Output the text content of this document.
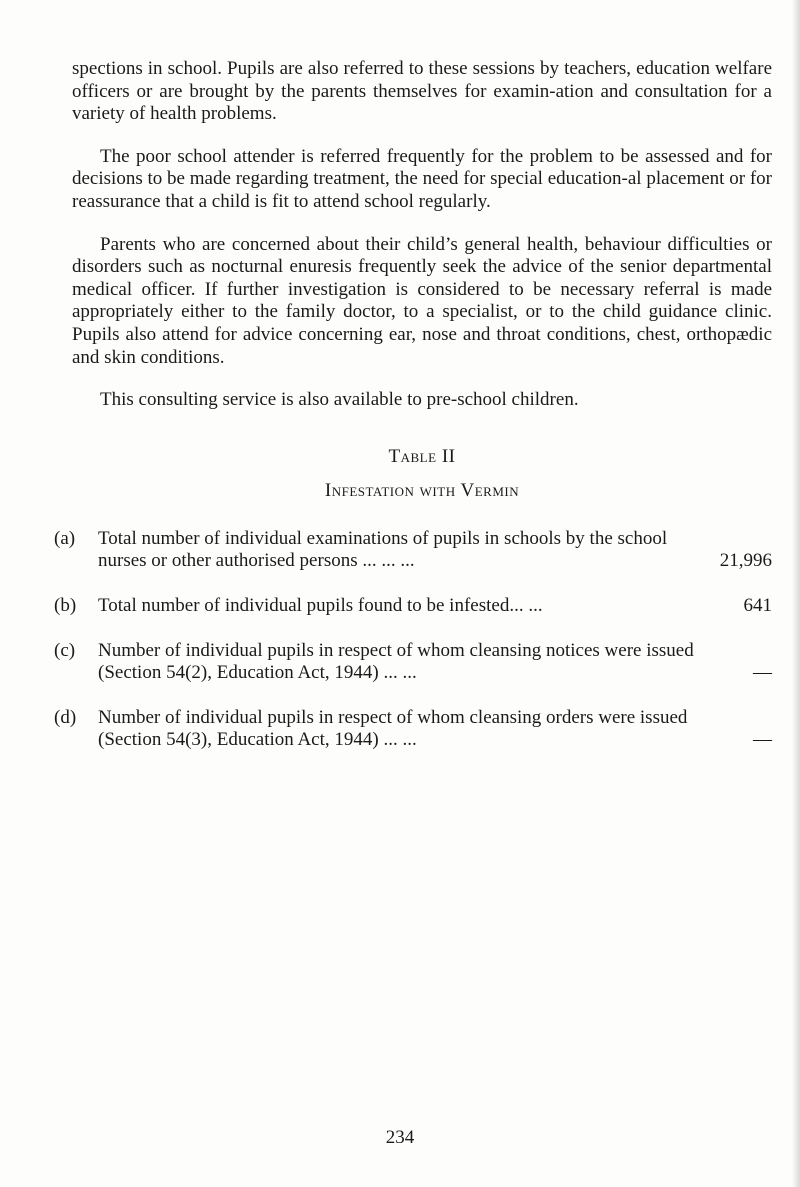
spections in school. Pupils are also referred to these sessions by teachers, education welfare officers or are brought by the parents themselves for examin-ation and consultation for a variety of health problems.

The poor school attender is referred frequently for the problem to be assessed and for decisions to be made regarding treatment, the need for special education-al placement or for reassurance that a child is fit to attend school regularly.

Parents who are concerned about their child’s general health, behaviour difficulties or disorders such as nocturnal enuresis frequently seek the advice of the senior departmental medical officer. If further investigation is considered to be necessary referral is made appropriately either to the family doctor, to a specialist, or to the child guidance clinic. Pupils also attend for advice concerning ear, nose and throat conditions, chest, orthopædic and skin conditions.

This consulting service is also available to pre-school children.

Table II
Infestation with Vermin
(a)	Total number of individual examinations of pupils in schools by the school nurses or other authorised persons ... ... ...	21,996
(b)	Total number of individual pupils found to be infested... ...	641
(c)	Number of individual pupils in respect of whom cleansing notices were issued (Section 54(2), Education Act, 1944) ... ...	—
(d)	Number of individual pupils in respect of whom cleansing orders were issued (Section 54(3), Education Act, 1944) ... ...	—
234
